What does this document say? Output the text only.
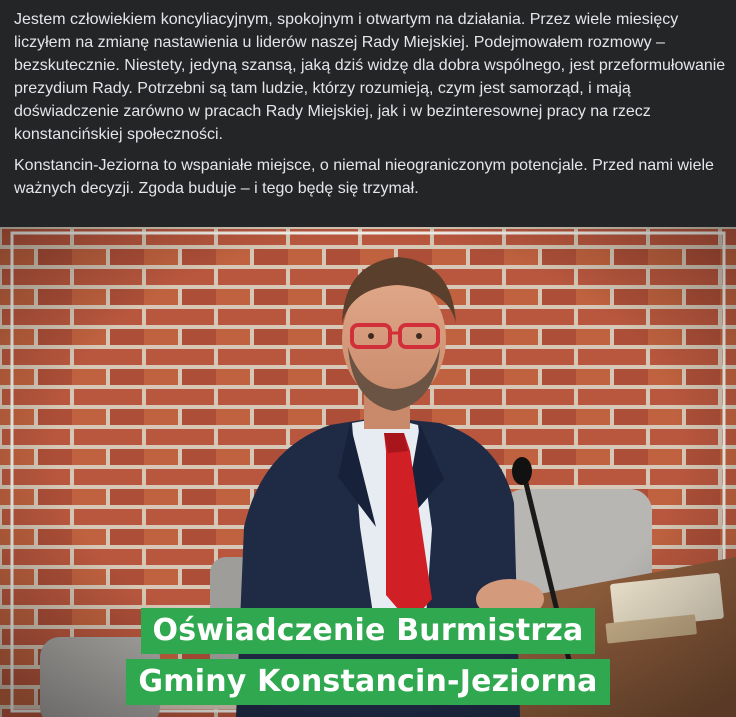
Jestem człowiekiem koncyliacyjnym, spokojnym i otwartym na działania. Przez wiele miesięcy liczyłem na zmianę nastawienia u liderów naszej Rady Miejskiej. Podejmowałem rozmowy – bezskutecznie. Niestety, jedyną szansą, jaką dziś widzę dla dobra wspólnego, jest przeformułowanie prezydium Rady. Potrzebni są tam ludzie, którzy rozumieją, czym jest samorząd, i mają doświadczenie zarówno w pracach Rady Miejskiej, jak i w bezinteresownej pracy na rzecz konstancińskiej społeczności.

Konstancin-Jeziorna to wspaniałe miejsce, o niemal nieograniczonym potencjale. Przed nami wiele ważnych decyzji. Zgoda buduje – i tego będę się trzymał.

Oświadczenie Burmistrza
Gminy Konstancin-Jeziorna
